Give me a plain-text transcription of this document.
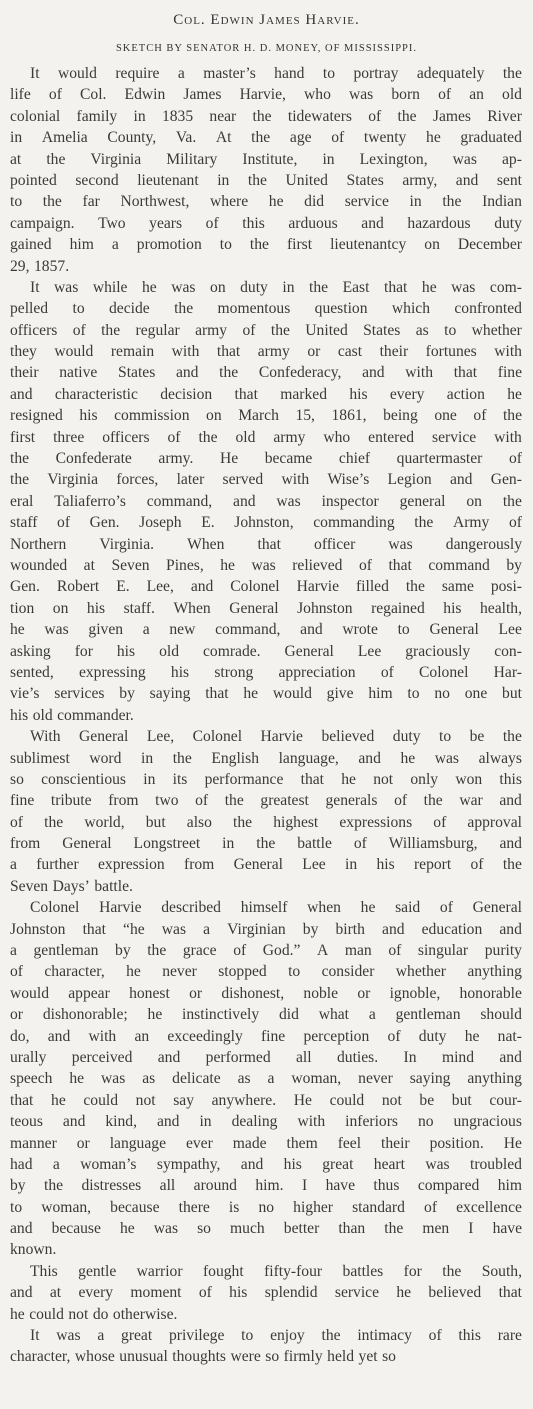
Col. Edwin James Harvie.
SKETCH BY SENATOR H. D. MONEY, OF MISSISSIPPI.
It would require a master’s hand to portray adequately the
life of Col. Edwin James Harvie, who was born of an old
colonial family in 1835 near the tidewaters of the James River
in Amelia County, Va. At the age of twenty he graduated
at the Virginia Military Institute, in Lexington, was ap-
pointed second lieutenant in the United States army, and sent
to the far Northwest, where he did service in the Indian
campaign. Two years of this arduous and hazardous duty
gained him a promotion to the first lieutenantcy on December
29, 1857.
It was while he was on duty in the East that he was com-
pelled to decide the momentous question which confronted
officers of the regular army of the United States as to whether
they would remain with that army or cast their fortunes with
their native States and the Confederacy, and with that fine
and characteristic decision that marked his every action he
resigned his commission on March 15, 1861, being one of the
first three officers of the old army who entered service with
the Confederate army. He became chief quartermaster of
the Virginia forces, later served with Wise’s Legion and Gen-
eral Taliaferro’s command, and was inspector general on the
staff of Gen. Joseph E. Johnston, commanding the Army of
Northern Virginia. When that officer was dangerously
wounded at Seven Pines, he was relieved of that command by
Gen. Robert E. Lee, and Colonel Harvie filled the same posi-
tion on his staff. When General Johnston regained his health,
he was given a new command, and wrote to General Lee
asking for his old comrade. General Lee graciously con-
sented, expressing his strong appreciation of Colonel Har-
vie’s services by saying that he would give him to no one but
his old commander.
With General Lee, Colonel Harvie believed duty to be the
sublimest word in the English language, and he was always
so conscientious in its performance that he not only won this
fine tribute from two of the greatest generals of the war and
of the world, but also the highest expressions of approval
from General Longstreet in the battle of Williamsburg, and
a further expression from General Lee in his report of the
Seven Days’ battle.
Colonel Harvie described himself when he said of General
Johnston that “he was a Virginian by birth and education and
a gentleman by the grace of God.” A man of singular purity
of character, he never stopped to consider whether anything
would appear honest or dishonest, noble or ignoble, honorable
or dishonorable; he instinctively did what a gentleman should
do, and with an exceedingly fine perception of duty he nat-
urally perceived and performed all duties. In mind and
speech he was as delicate as a woman, never saying anything
that he could not say anywhere. He could not be but cour-
teous and kind, and in dealing with inferiors no ungracious
manner or language ever made them feel their position. He
had a woman’s sympathy, and his great heart was troubled
by the distresses all around him. I have thus compared him
to woman, because there is no higher standard of excellence
and because he was so much better than the men I have
known.
This gentle warrior fought fifty-four battles for the South,
and at every moment of his splendid service he believed that
he could not do otherwise.
It was a great privilege to enjoy the intimacy of this rare
character, whose unusual thoughts were so firmly held yet so
